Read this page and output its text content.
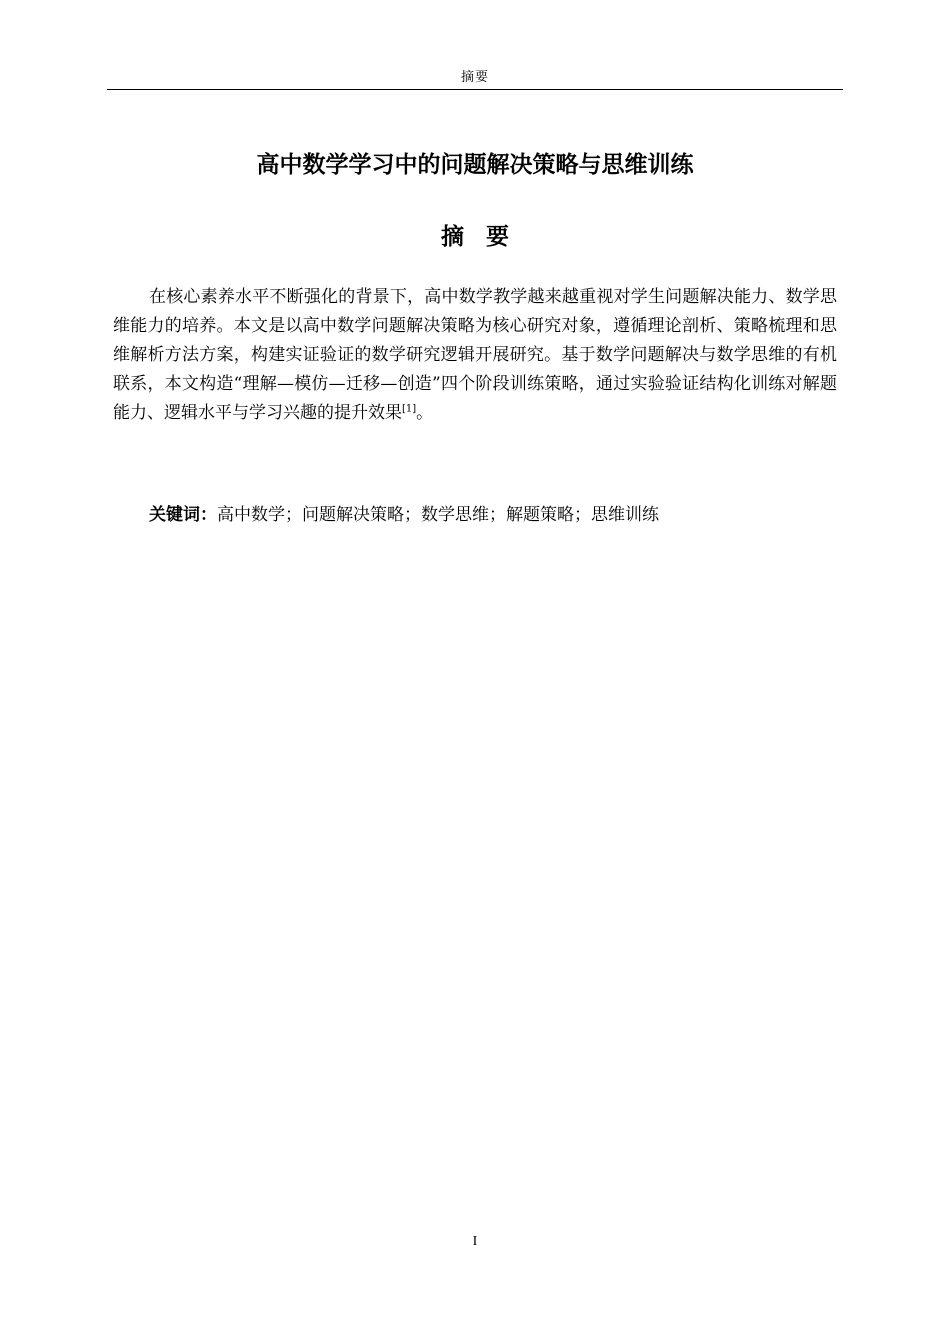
摘要
高中数学学习中的问题解决策略与思维训练
摘要

在核心素养水平不断强化的背景下，高中数学教学越来越重视对学生问题解决能力、数学思维能力的培养。本文是以高中数学问题解决策略为核心研究对象，遵循理论剖析、策略梳理和思维解析方法方案，构建实证验证的数学研究逻辑开展研究。基于数学问题解决与数学思维的有机联系，本文构造“理解—模仿—迁移—创造”四个阶段训练策略，通过实验验证结构化训练对解题能力、逻辑水平与学习兴趣的提升效果[1]。

关键词：高中数学；问题解决策略；数学思维；解题策略；思维训练

I
